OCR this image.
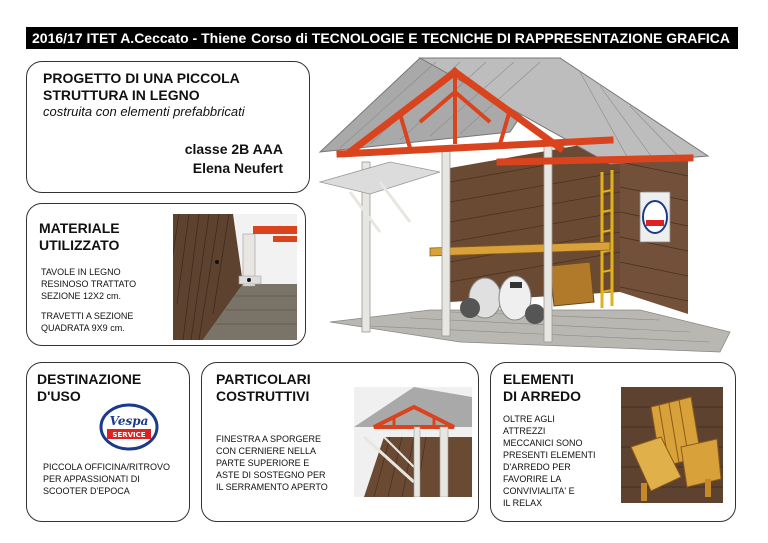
2016/17 ITET A.Ceccato - Thiene Corso di TECNOLOGIE E TECNICHE DI RAPPRESENTAZIONE GRAFICA
PROGETTO DI UNA PICCOLA
STRUTTURA IN LEGNO
costruita con elementi prefabbricati
classe 2B AAA
Elena Neufert
MATERIALE
UTILIZZATO
TAVOLE IN LEGNO
RESINOSO TRATTATO
SEZIONE 12X2 cm.
TRAVETTI A SEZIONE
QUADRATA 9X9 cm.
DESTINAZIONE
D'USO
Vespa
SERVICE
PICCOLA OFFICINA/RITROVO
PER APPASSIONATI DI
SCOOTER D'EPOCA
PARTICOLARI
COSTRUTTIVI
FINESTRA A SPORGERE
CON CERNIERE NELLA
PARTE SUPERIORE E
ASTE DI SOSTEGNO PER
IL SERRAMENTO APERTO
ELEMENTI
DI ARREDO
OLTRE AGLI
ATTREZZI
MECCANICI SONO
PRESENTI ELEMENTI
D'ARREDO PER
FAVORIRE LA
CONVIVIALITA' E
IL RELAX
